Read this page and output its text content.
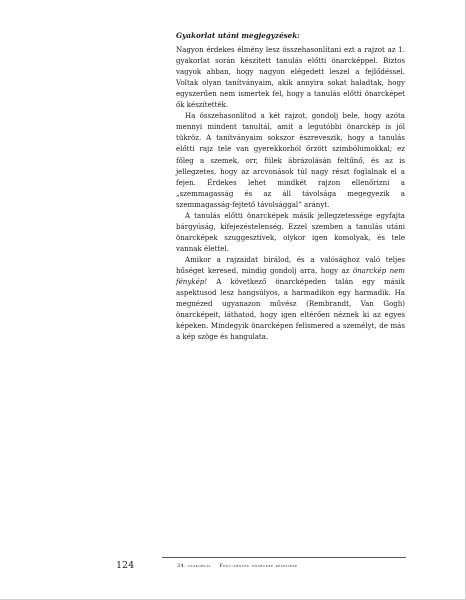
Gyakorlat utáni megjegyzések:

Nagyon érdekes élmény lesz összehasonlítani ezt a rajzot az 1. gyakorlat során készített tanulás előtti önarcképpel. Biztos vagyok abban, hogy nagyon elégedett leszel a fejlődéssel. Voltak olyan tanítványaim, akik annyira sokat haladtak, hogy egyszerűen nem ismertek fel, hogy a tanulás előtti önarcképet ők készítették.

Ha összehasonlítod a két rajzot, gondolj bele, hogy azóta mennyi mindent tanultál, amit a legutóbbi önarckép is jól tükröz. A tanítványaim sokszor észreveszik, hogy a tanulás előtti rajz tele van gyerekkorból őrzött szimbólumokkal; ez főleg a szemek, orr, fülek ábrázolásán feltűnő, és az is jellegzetes, hogy az arcvonások túl nagy részt foglalnak el a fejen. Érdekes lehet mindkét rajzon ellenőrizni a „szemmagasság és az áll távolsága megegyezik a szemmagasság-fejtető távolsággal” arányt.

A tanulás előtti önarcképek másik jellegzetessége egyfajta bárgyúság, kifejezéstelenség. Ezzel szemben a tanulás utáni önarcképek szuggesztívek, olykor igen komolyak, és tele vannak élettel.

Amikor a rajzaidat bírálod, és a valósághoz való teljes hűséget keresed, mindig gondolj arra, hogy az önarckép nem fénykép! A következő önarcképeden talán egy másik aspektusod lesz hangsúlyos, a harmadikon egy harmadik. Ha megnézed ugyanazon művész (Rembrandt, Van Gogh) önarcképeit, láthatod, hogy igen eltérően néznek ki az egyes képeken. Mindegyik önarcképen felismered a személyt, de más a kép szöge és hangulata.

124	34. gyakorlat Fény-árnyék önarckép készítése
